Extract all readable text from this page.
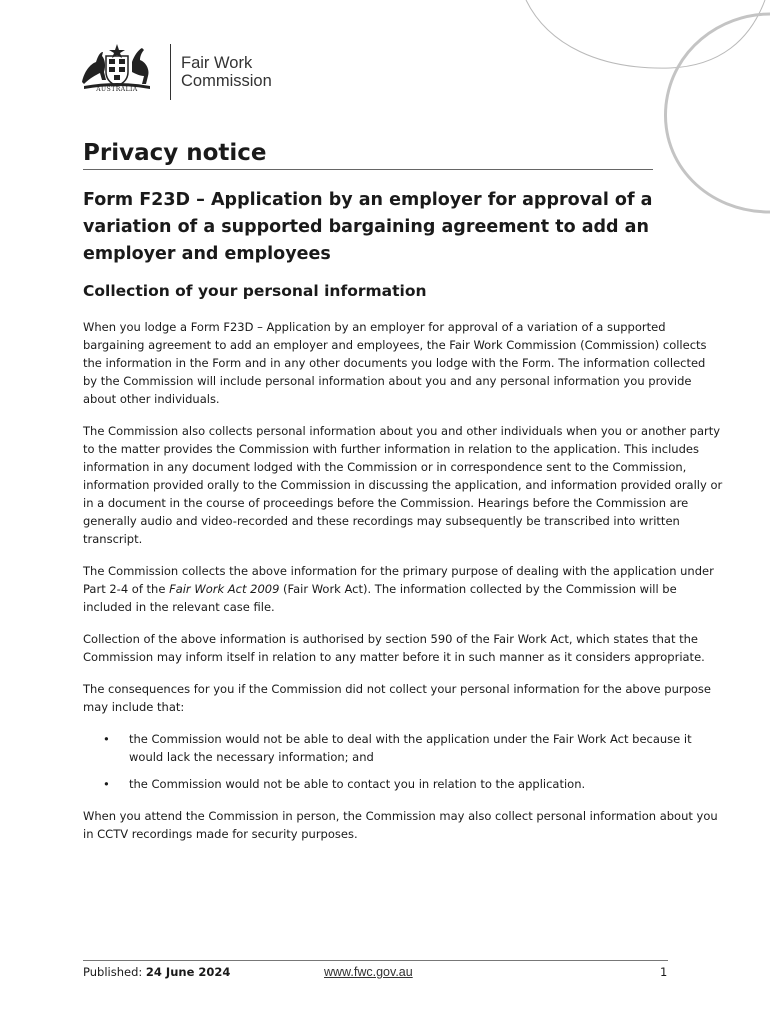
AUSTRALIA
Fair Work
Commission
Privacy notice
Form F23D – Application by an employer for approval of a variation of a supported bargaining agreement to add an employer and employees
Collection of your personal information

When you lodge a Form F23D – Application by an employer for approval of a variation of a supported bargaining agreement to add an employer and employees, the Fair Work Commission (Commission) collects the information in the Form and in any other documents you lodge with the Form. The information collected by the Commission will include personal information about you and any personal information you provide about other individuals.

The Commission also collects personal information about you and other individuals when you or another party to the matter provides the Commission with further information in relation to the application. This includes information in any document lodged with the Commission or in correspondence sent to the Commission, information provided orally to the Commission in discussing the application, and information provided orally or in a document in the course of proceedings before the Commission. Hearings before the Commission are generally audio and video-recorded and these recordings may subsequently be transcribed into written transcript.

The Commission collects the above information for the primary purpose of dealing with the application under Part 2-4 of the Fair Work Act 2009 (Fair Work Act). The information collected by the Commission will be included in the relevant case file.

Collection of the above information is authorised by section 590 of the Fair Work Act, which states that the Commission may inform itself in relation to any matter before it in such manner as it considers appropriate.

The consequences for you if the Commission did not collect your personal information for the above purpose may include that:

• the Commission would not be able to deal with the application under the Fair Work Act because it would lack the necessary information; and
• the Commission would not be able to contact you in relation to the application.

When you attend the Commission in person, the Commission may also collect personal information about you in CCTV recordings made for security purposes.

Published: 24 June 2024	www.fwc.gov.au	1
